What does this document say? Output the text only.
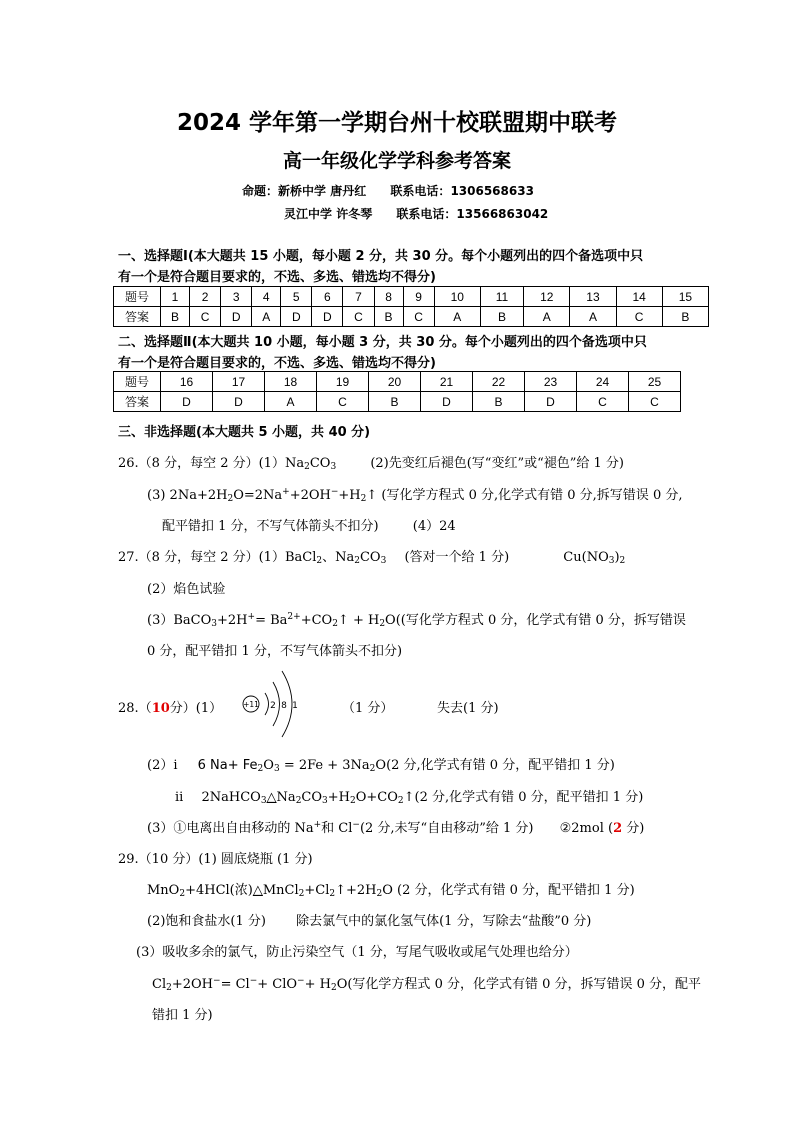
2024 学年第一学期台州十校联盟期中联考
高一年级化学学科参考答案
命题：新桥中学 唐丹红 联系电话：1306568633
灵江中学 许冬琴 联系电话：13566863042
一、选择题Ⅰ(本大题共 15 小题，每小题 2 分，共 30 分。每个小题列出的四个备选项中只
有一个是符合题目要求的，不选、多选、错选均不得分)
题号	1	2	3	4	5	6	7	8	9	10	11	12	13	14	15
答案	B	C	D	A	D	D	C	B	C	A	B	A	A	C	B
二、选择题Ⅱ(本大题共 10 小题，每小题 3 分，共 30 分。每个小题列出的四个备选项中只
有一个是符合题目要求的，不选、多选、错选均不得分)
题号	16	17	18	19	20	21	22	23	24	25
答案	D	D	A	C	B	D	B	D	C	C
三、非选择题(本大题共 5 小题，共 40 分)
26.（8 分，每空 2 分）$(1)Na_2CO_3$	(2)先变红后褪色(写“变红”或“褪色”给 1 分)
(3) $2Na+2H_2O=2Na^++2OH^-+H_2↑$ (写化学方程式 0 分,化学式有错 0 分,拆写错误 0 分,
配平错扣 1 分，不写气体箭头不扣分)	(4）24
27.（8 分，每空 2 分）(1）BaCl$_2$、$Na_2CO_3$ (答对一个给 1 分)	$Cu(NO_3)_2$
(2）焰色试验
(3）BaCO$_3$+2H+= $Ba^{2+}+CO_2↑ + H_2O$((写化学方程式 0 分，化学式有错 0 分，拆写错误
0 分，配平错扣 1 分，不写气体箭头不扣分)
28.（10分）(1）	+11 2 8 1	（1 分）	失去(1 分)
(2）i 6 $Na+ Fe_2O_3 = 2Fe + 3Na_2O(2$ 分,化学式有错 0 分，配平错扣 1 分)
ii $2NaHCO_3\triangle Na_2CO_3+H_2O+CO_2↑(2$ 分,化学式有错 0 分，配平错扣 1 分)
(3）①电离出自由移动的 Na+和 Cl−(2 分,未写“自由移动”给 1 分) ②2mol (2 分)
29.（10 分）(1) 圆底烧瓶 (1 分)
MnO$_2$+4HCl(浓)$\triangle MnCl_2+Cl_2↑+2H_2O$ (2 分，化学式有错 0 分，配平错扣 1 分)
(2)饱和食盐水(1 分) 除去氯气中的氯化氢气体(1 分，写除去“盐酸”0 分)
(3）吸收多余的氯气，防止污染空气（1 分，写尾气吸收或尾气处理也给分）
$Cl_2+2OH^-= Cl^-+ ClO^-+ H_2O$(写化学方程式 0 分，化学式有错 0 分，拆写错误 0 分，配平
错扣 1 分)
